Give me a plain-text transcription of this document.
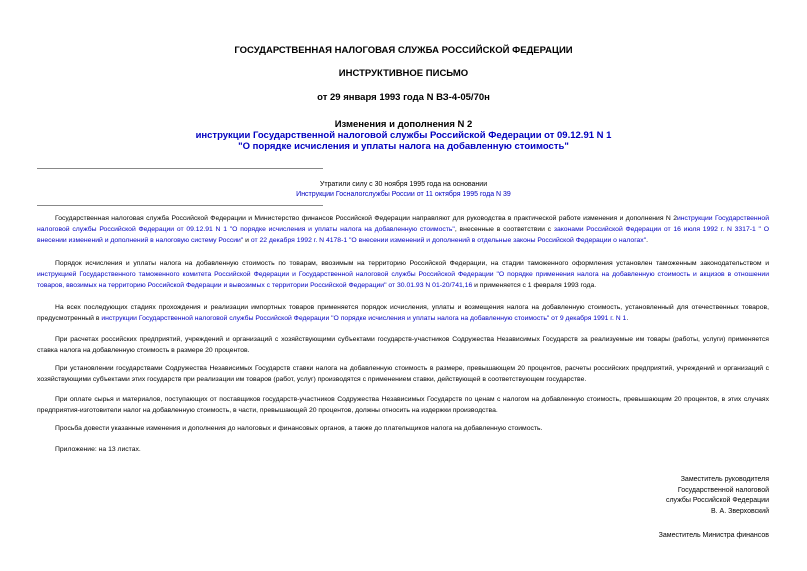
ГОСУДАРСТВЕННАЯ НАЛОГОВАЯ СЛУЖБА РОССИЙСКОЙ ФЕДЕРАЦИИ
ИНСТРУКТИВНОЕ ПИСЬМО
от 29 января 1993 года N ВЗ-4-05/70н
Изменения и дополнения N 2
инструкции Государственной налоговой службы Российской Федерации от 09.12.91 N 1
"О порядке исчисления и уплаты налога на добавленную стоимость"
Утратили силу с 30 ноября 1995 года на основании
Инструкции Госналогслужбы России от 11 октября 1995 года N 39
Государственная налоговая служба Российской Федерации и Министерство финансов Российской Федерации направляют для руководства в практической работе изменения и дополнения N 2инструкции Государственной налоговой службы Российской Федерации от 09.12.91 N 1 "О порядке исчисления и уплаты налога на добавленную стоимость", внесенные в соответствии с законами Российской Федерации от 16 июля 1992 г. N 3317-1 " О внесении изменений и дополнений в налоговую систему России" и от 22 декабря 1992 г. N 4178-1 "О внесении изменений и дополнений в отдельные законы Российской Федерации о налогах".
Порядок исчисления и уплаты налога на добавленную стоимость по товарам, ввозимым на территорию Российской Федерации, на стадии таможенного оформления установлен таможенным законодательством и инструкцией Государственного таможенного комитета Российской Федерации и Государственной налоговой службы Российской Федерации "О порядке применения налога на добавленную стоимость и акцизов в отношении товаров, ввозимых на территорию Российской Федерации и вывозимых с территории Российской Федерации" от 30.01.93 N 01-20/741,16 и применяется с 1 февраля 1993 года.
На всех последующих стадиях прохождения и реализации импортных товаров применяется порядок исчисления, уплаты и возмещения налога на добавленную стоимость, установленный для отечественных товаров, предусмотренный в инструкции Государственной налоговой службы Российской Федерации "О порядке исчисления и уплаты налога на добавленную стоимость" от 9 декабря 1991 г. N 1.
При расчетах российских предприятий, учреждений и организаций с хозяйствующими субъектами государств-участников Содружества Независимых Государств за реализуемые им товары (работы, услуги) применяется ставка налога на добавленную стоимость в размере 20 процентов.
При установлении государствами Содружества Независимых Государств ставки налога на добавленную стоимость в размере, превышающем 20 процентов, расчеты российских предприятий, учреждений и организаций с хозяйствующими субъектами этих государств при реализации им товаров (работ, услуг) производятся с применением ставки, действующей в соответствующем государстве.
При оплате сырья и материалов, поступающих от поставщиков государств-участников Содружества Независимых Государств по ценам с налогом на добавленную стоимость, превышающим 20 процентов, в этих случаях предприятия-изготовители налог на добавленную стоимость, в части, превышающей 20 процентов, должны относить на издержки производства.
Просьба довести указанные изменения и дополнения до налоговых и финансовых органов, а также до плательщиков налога на добавленную стоимость.
Приложение: на 13 листах.
Заместитель руководителя
Государственной налоговой
службы Российской Федерации
В. А. Зверховский
Заместитель Министра финансов
